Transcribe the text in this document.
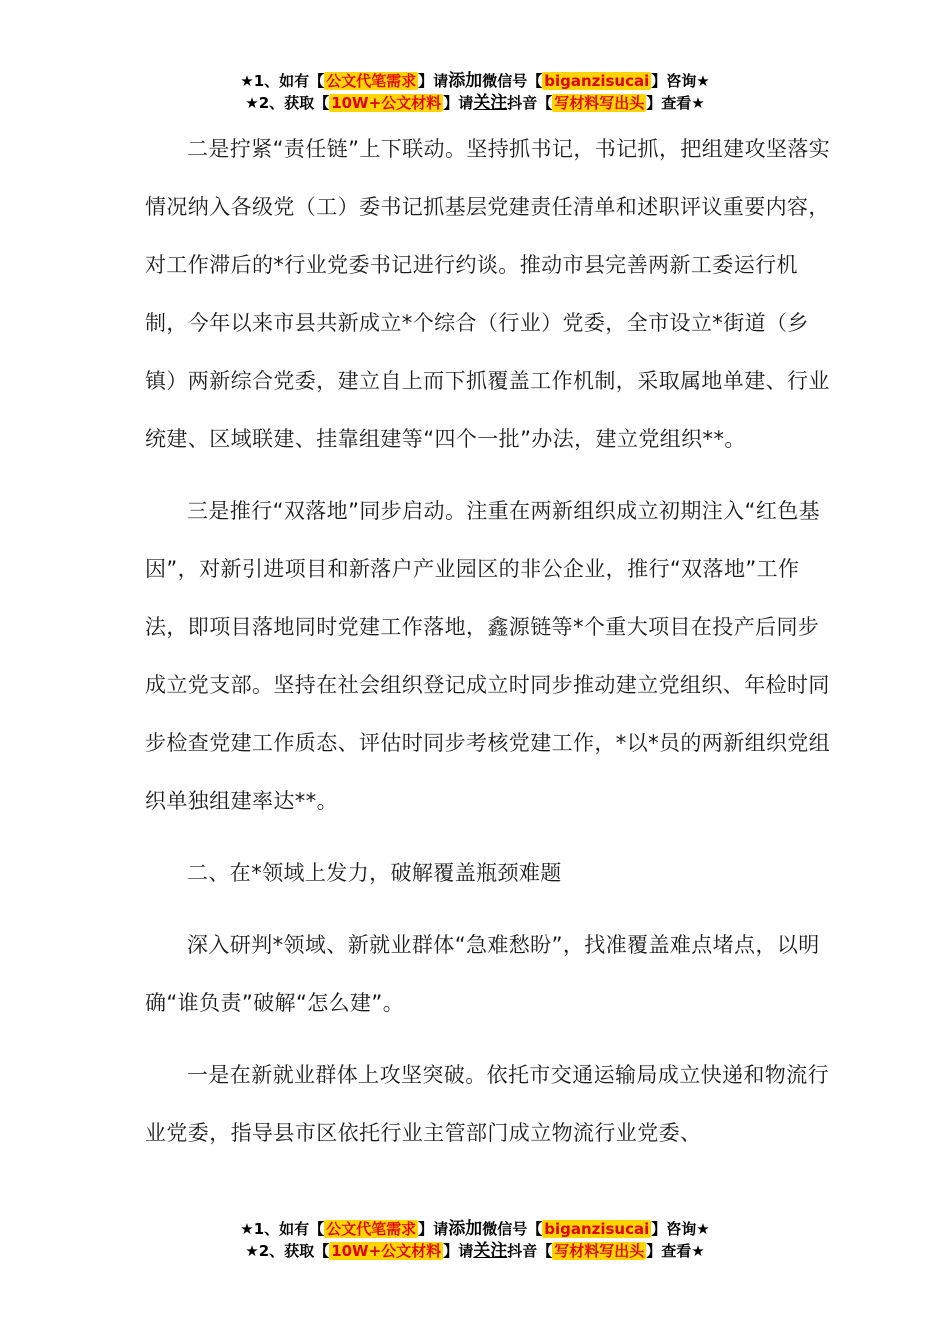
★1、如有【 公文代笔需求 】请添加微信号【 biganzisucai 】咨询★
★2、获取【 10W+公文材料 】请关注抖音【 写材料写出头 】查看★

二是拧紧“责任链”上下联动。坚持抓书记，书记抓，把组建攻坚落实情况纳入各级党（工）委书记抓基层党建责任清单和述职评议重要内容，对工作滞后的*行业党委书记进行约谈。推动市县完善两新工委运行机制，今年以来市县共新成立*个综合（行业）党委，全市设立*街道（乡镇）两新综合党委，建立自上而下抓覆盖工作机制，采取属地单建、行业统建、区域联建、挂靠组建等“四个一批”办法，建立党组织**。

三是推行“双落地”同步启动。注重在两新组织成立初期注入“红色基因”，对新引进项目和新落户产业园区的非公企业，推行“双落地”工作法，即项目落地同时党建工作落地，鑫源链等*个重大项目在投产后同步成立党支部。坚持在社会组织登记成立时同步推动建立党组织、年检时同步检查党建工作质态、评估时同步考核党建工作，*以*员的两新组织党组织单独组建率达**。

二、在*领域上发力，破解覆盖瓶颈难题

深入研判*领域、新就业群体“急难愁盼”，找准覆盖难点堵点，以明确“谁负责”破解“怎么建”。

一是在新就业群体上攻坚突破。依托市交通运输局成立快递和物流行业党委，指导县市区依托行业主管部门成立物流行业党委、

★1、如有【 公文代笔需求 】请添加微信号【 biganzisucai 】咨询★
★2、获取【 10W+公文材料 】请关注抖音【 写材料写出头 】查看★
